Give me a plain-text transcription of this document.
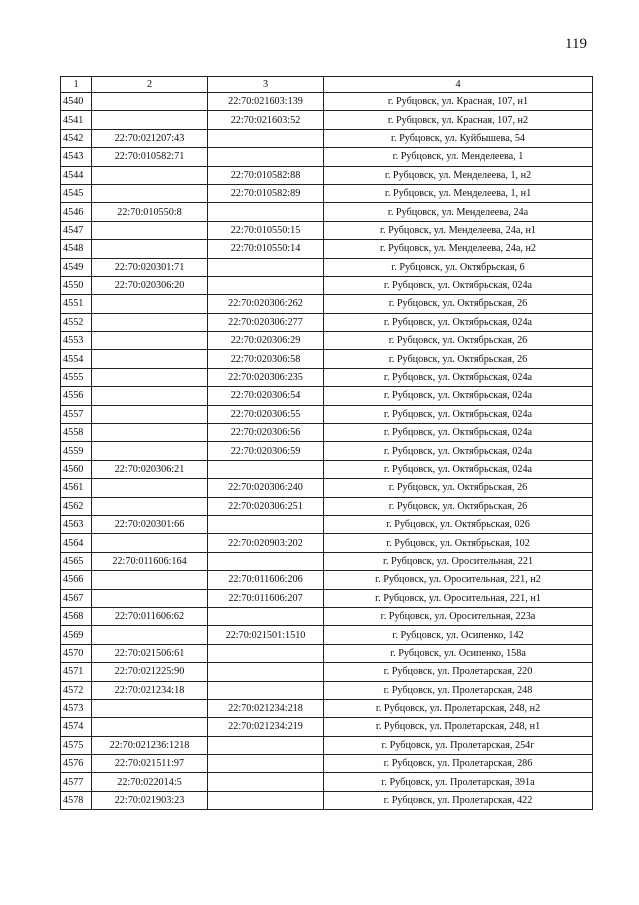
119
1	2	3	4
4540		22:70:021603:139	г. Рубцовск, ул. Красная, 107, н1
4541		22:70:021603:52	г. Рубцовск, ул. Красная, 107, н2
4542	22:70:021207:43		г. Рубцовск, ул. Куйбышева, 54
4543	22:70:010582:71		г. Рубцовск, ул. Менделеева, 1
4544		22:70:010582:88	г. Рубцовск, ул. Менделеева, 1, н2
4545		22:70:010582:89	г. Рубцовск, ул. Менделеева, 1, н1
4546	22:70:010550:8		г. Рубцовск, ул. Менделеева, 24а
4547		22:70:010550:15	г. Рубцовск, ул. Менделеева, 24а, н1
4548		22:70:010550:14	г. Рубцовск, ул. Менделеева, 24а, н2
4549	22:70:020301:71		г. Рубцовск, ул. Октябрьская, 6
4550	22:70:020306:20		г. Рубцовск, ул. Октябрьская, 024а
4551		22:70:020306:262	г. Рубцовск, ул. Октябрьская, 26
4552		22:70:020306:277	г. Рубцовск, ул. Октябрьская, 024а
4553		22:70:020306:29	г. Рубцовск, ул. Октябрьская, 26
4554		22:70:020306:58	г. Рубцовск, ул. Октябрьская, 26
4555		22:70:020306:235	г. Рубцовск, ул. Октябрьская, 024а
4556		22:70:020306:54	г. Рубцовск, ул. Октябрьская, 024а
4557		22:70:020306:55	г. Рубцовск, ул. Октябрьская, 024а
4558		22:70:020306:56	г. Рубцовск, ул. Октябрьская, 024а
4559		22:70:020306:59	г. Рубцовск, ул. Октябрьская, 024а
4560	22:70:020306:21		г. Рубцовск, ул. Октябрьская, 024а
4561		22:70:020306:240	г. Рубцовск, ул. Октябрьская, 26
4562		22:70:020306:251	г. Рубцовск, ул. Октябрьская, 26
4563	22:70:020301:66		г. Рубцовск, ул. Октябрьская, 026
4564		22:70:020903:202	г. Рубцовск, ул. Октябрьская, 102
4565	22:70:011606:164		г. Рубцовск, ул. Оросительная, 221
4566		22:70:011606:206	г. Рубцовск, ул. Оросительная, 221, н2
4567		22:70:011606:207	г. Рубцовск, ул. Оросительная, 221, н1
4568	22:70:011606:62		г. Рубцовск, ул. Оросительная, 223а
4569		22:70:021501:1510	г. Рубцовск, ул. Осипенко, 142
4570	22:70:021506:61		г. Рубцовск, ул. Осипенко, 158а
4571	22:70:021225:90		г. Рубцовск, ул. Пролетарская, 220
4572	22:70:021234:18		г. Рубцовск, ул. Пролетарская, 248
4573		22:70:021234:218	г. Рубцовск, ул. Пролетарская, 248, н2
4574		22:70:021234:219	г. Рубцовск, ул. Пролетарская, 248, н1
4575	22:70:021236:1218		г. Рубцовск, ул. Пролетарская, 254г
4576	22:70:021511:97		г. Рубцовск, ул. Пролетарская, 286
4577	22:70:022014:5		г. Рубцовск, ул. Пролетарская, 391а
4578	22:70:021903:23		г. Рубцовск, ул. Пролетарская, 422
